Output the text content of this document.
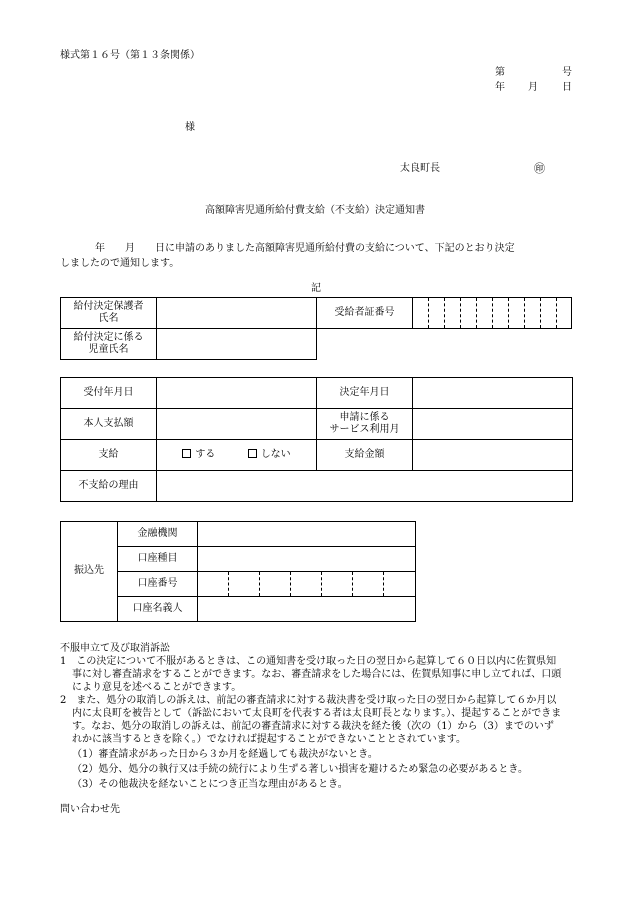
様式第１６号（第１３条関係）
第	号
年 月 日
様
太良町長	㊞
高額障害児通所給付費支給（不支給）決定通知書
年　　月　　日に申請のありました高額障害児通所給付費の支給について、下記のとおり決定
しましたので通知します。
記
給付決定保護者
氏名		受給者証番号										

給付決定に係る
児童氏名												

受付年月日		決定年月日	
本人支払額		申請に係る
サービス利用月	

支給	する しない	支給金額	
不支給の理由			
振込先	金融機関							
	口座種目							
	口座番号							
	口座名義人							
不服申立て及び取消訴訟
1　この決定について不服があるときは、この通知書を受け取った日の翌日から起算して６０日以内に佐賀県知
事に対し審査請求をすることができます。なお、審査請求をした場合には、佐賀県知事に申し立てれば、口頭
により意見を述べることができます。
2　また、処分の取消しの訴えは、前記の審査請求に対する裁決書を受け取った日の翌日から起算して６か月以
内に太良町を被告として（訴訟において太良町を代表する者は太良町長となります。）、提起することができま
す。なお、処分の取消しの訴えは、前記の審査請求に対する裁決を経た後（次の（1）から（3）までのいず
れかに該当するときを除く。）でなければ提起することができないこととされています。
（1）審査請求があった日から３か月を経過しても裁決がないとき。
（2）処分、処分の執行又は手続の続行により生ずる著しい損害を避けるため緊急の必要があるとき。
（3）その他裁決を経ないことにつき正当な理由があるとき。
問い合わせ先
